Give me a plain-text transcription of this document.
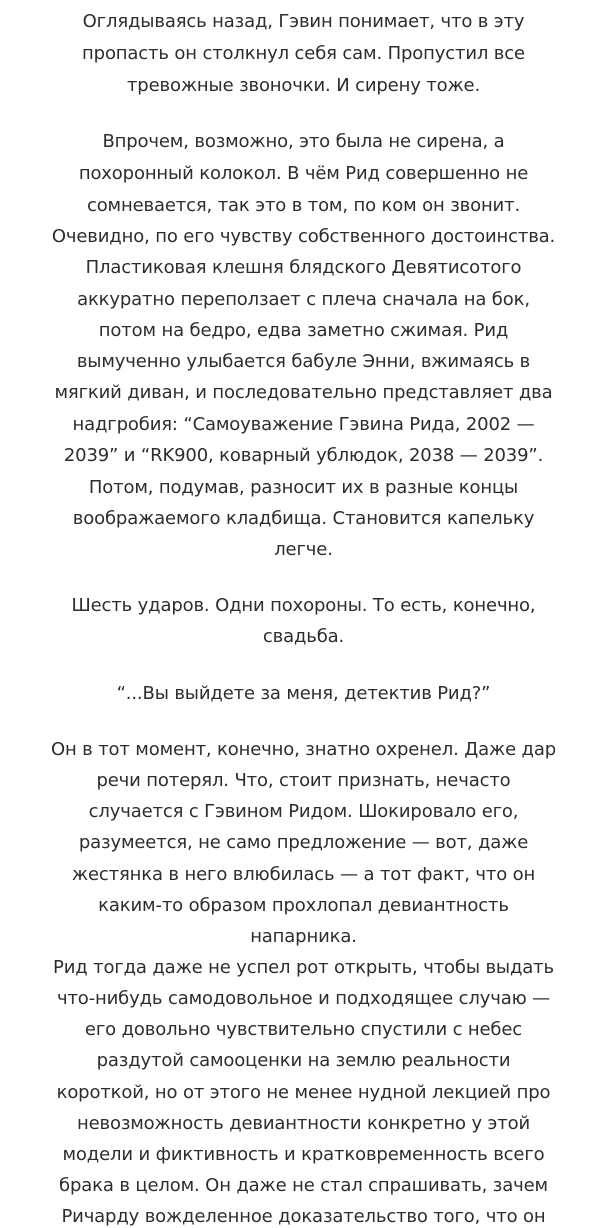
Оглядываясь назад, Гэвин понимает, что в эту
пропасть он столкнул себя сам. Пропустил все
тревожные звоночки. И сирену тоже.
Впрочем, возможно, это была не сирена, а
похоронный колокол. В чём Рид совершенно не
сомневается, так это в том, по ком он звонит.
Очевидно, по его чувству собственного достоинства.
Пластиковая клешня блядского Девятисотого
аккуратно переползает с плеча сначала на бок,
потом на бедро, едва заметно сжимая. Рид
вымученно улыбается бабуле Энни, вжимаясь в
мягкий диван, и последовательно представляет два
надгробия: “Самоуважение Гэвина Рида, 2002 —
2039” и “RK900, коварный ублюдок, 2038 — 2039”.
Потом, подумав, разносит их в разные концы
воображаемого кладбища. Становится капельку
легче.
Шесть ударов. Одни похороны. То есть, конечно,
свадьба.
“...Вы выйдете за меня, детектив Рид?”
Он в тот момент, конечно, знатно охренел. Даже дар
речи потерял. Что, стоит признать, нечасто
случается с Гэвином Ридом. Шокировало его,
разумеется, не само предложение — вот, даже
жестянка в него влюбилась — а тот факт, что он
каким-то образом прохлопал девиантность
напарника.
Рид тогда даже не успел рот открыть, чтобы выдать
что-нибудь самодовольное и подходящее случаю —
его довольно чувствительно спустили с небес
раздутой самооценки на землю реальности
короткой, но от этого не менее нудной лекцией про
невозможность девиантности конкретно у этой
модели и фиктивность и кратковременность всего
брака в целом. Он даже не стал спрашивать, зачем
Ричарду вожделенное доказательство того, что он
